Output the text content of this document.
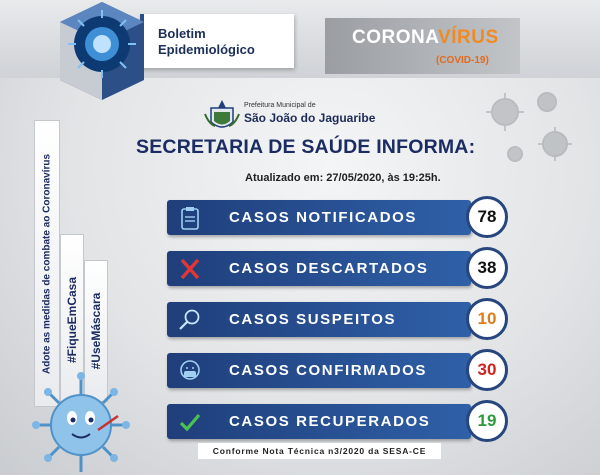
Boletim
Epidemiológico
CORONAVÍRUS
(COVID-19)
Prefeitura Municipal de
São João do Jaguaribe
SECRETARIA DE SAÚDE INFORMA:
Atualizado em: 27/05/2020, às 19:25h.
CASOS NOTIFICADOS	78
CASOS DESCARTADOS	38
CASOS SUSPEITOS	10
CASOS CONFIRMADOS	30
CASOS RECUPERADOS	19
Adote as medidas de combate ao Coronavírus #FiqueEmCasa #UseMáscara
Conforme Nota Técnica n3/2020 da SESA-CE
